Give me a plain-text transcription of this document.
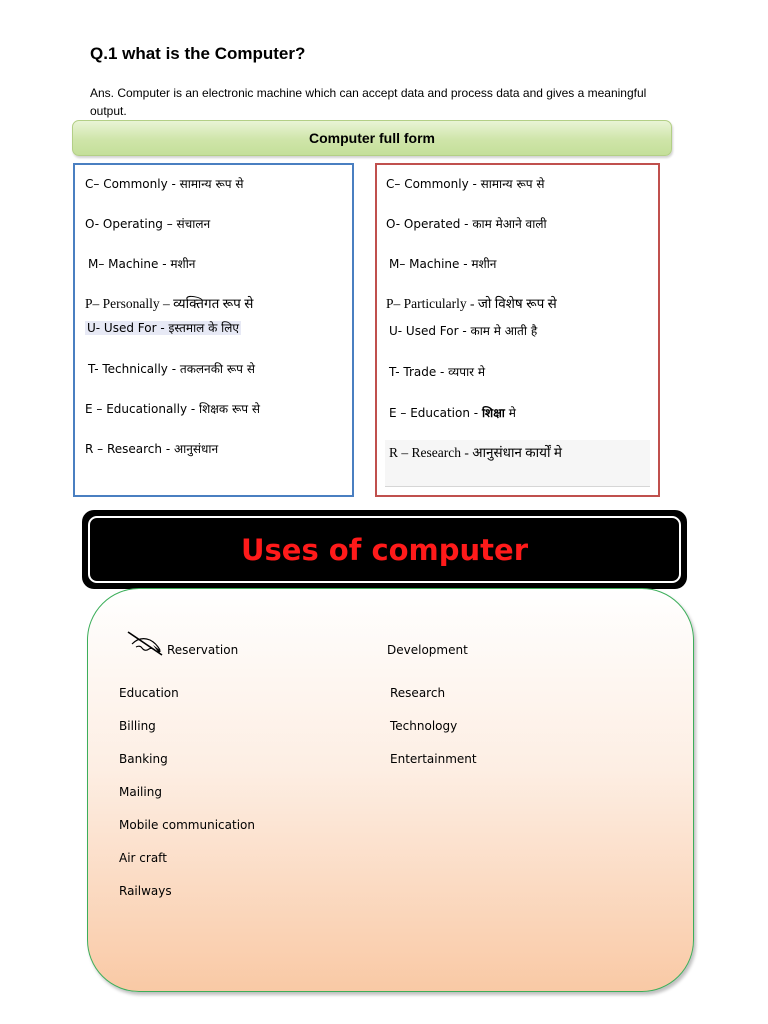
Q.1 what is the Computer?
Ans. Computer is an electronic machine which can accept data and process data and gives a meaningful output.
Computer full form
C– Commonly - सामान्य रूप से
O- Operating – संचालन
M– Machine - मशीन
P– Personally – व्यक्तिगत रूप से
U- Used For - इस्तमाल के लिए
T- Technically - तकलनकी रूप से
E – Educationally - शिक्षक रूप से
R – Research - आनुसंधान
C– Commonly - सामान्य रूप से
O- Operated - काम मेआने वाली
M– Machine - मशीन
P– Particularly - जो विशेष रूप से
U- Used For - काम मे आती है
T- Trade - व्यपार मे
E – Education - शिक्षा मे
R – Research - आनुसंधान कार्यों मे
Uses of computer
Reservation
Education
Billing
Banking
Mailing
Mobile communication
Air craft
Railways
Development
Research
Technology
Entertainment
